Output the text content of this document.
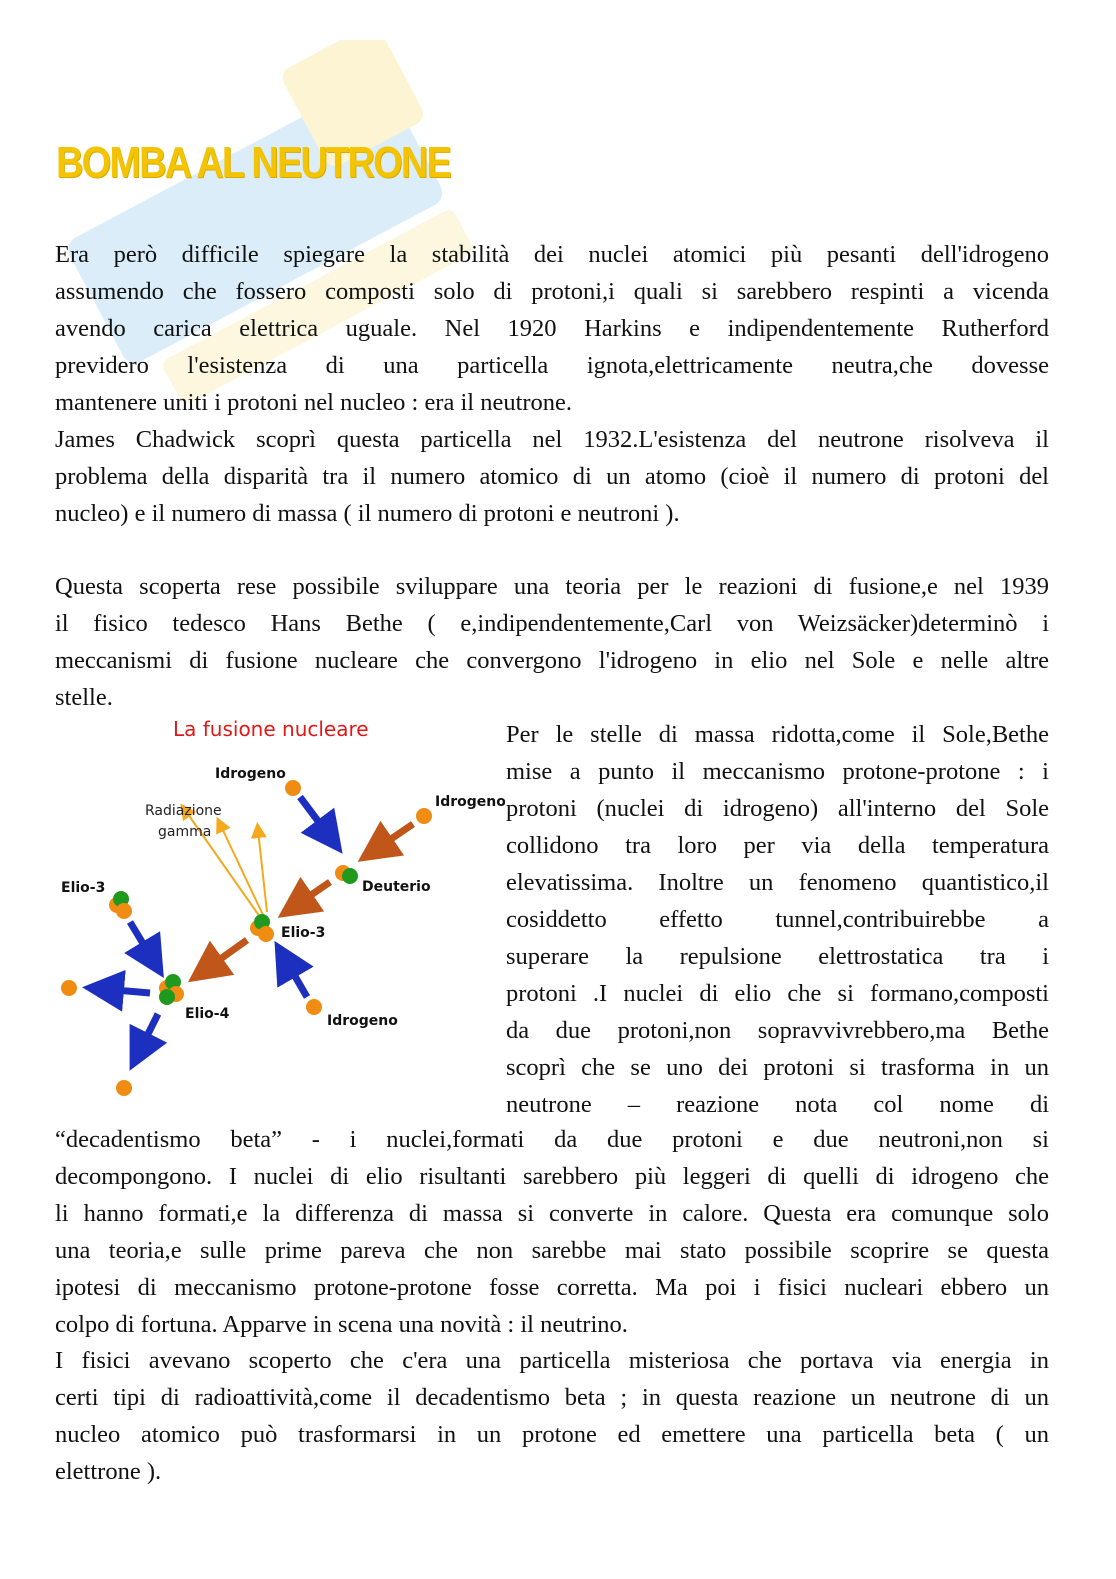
BOMBA AL NEUTRONE
Era però difficile spiegare la stabilità dei nuclei atomici più pesanti dell'idrogeno
assumendo che fossero composti solo di protoni,i quali si sarebbero respinti a vicenda
avendo carica elettrica uguale. Nel 1920 Harkins e indipendentemente Rutherford
previdero l'esistenza di una particella ignota,elettricamente neutra,che dovesse
mantenere uniti i protoni nel nucleo : era il neutrone.
James Chadwick scoprì questa particella nel 1932.L'esistenza del neutrone risolveva il
problema della disparità tra il numero atomico di un atomo (cioè il numero di protoni del
nucleo) e il numero di massa ( il numero di protoni e neutroni ).
Questa scoperta rese possibile sviluppare una teoria per le reazioni di fusione,e nel 1939
il fisico tedesco Hans Bethe ( e,indipendentemente,Carl von Weizsäcker)determinò i
meccanismi di fusione nucleare che convergono l'idrogeno in elio nel Sole e nelle altre
stelle.
La fusione nucleare
Idrogeno
Idrogeno
Radiazione
gamma
Deuterio
Elio-3
Elio-3
Elio-4	Idrogeno
Per le stelle di massa ridotta,come il Sole,Bethe
mise a punto il meccanismo protone-protone : i
protoni (nuclei di idrogeno) all'interno del Sole
collidono tra loro per via della temperatura
elevatissima. Inoltre un fenomeno quantistico,il
cosiddetto effetto tunnel,contribuirebbe a
superare la repulsione elettrostatica tra i
protoni .I nuclei di elio che si formano,composti
da due protoni,non sopravvivrebbero,ma Bethe
scoprì che se uno dei protoni si trasforma in un
neutrone – reazione nota col nome di
“decadentismo beta” - i nuclei,formati da due protoni e due neutroni,non si
decompongono. I nuclei di elio risultanti sarebbero più leggeri di quelli di idrogeno che
li hanno formati,e la differenza di massa si converte in calore. Questa era comunque solo
una teoria,e sulle prime pareva che non sarebbe mai stato possibile scoprire se questa
ipotesi di meccanismo protone-protone fosse corretta. Ma poi i fisici nucleari ebbero un
colpo di fortuna. Apparve in scena una novità : il neutrino.
I fisici avevano scoperto che c'era una particella misteriosa che portava via energia in
certi tipi di radioattività,come il decadentismo beta ; in questa reazione un neutrone di un
nucleo atomico può trasformarsi in un protone ed emettere una particella beta ( un
elettrone ).
